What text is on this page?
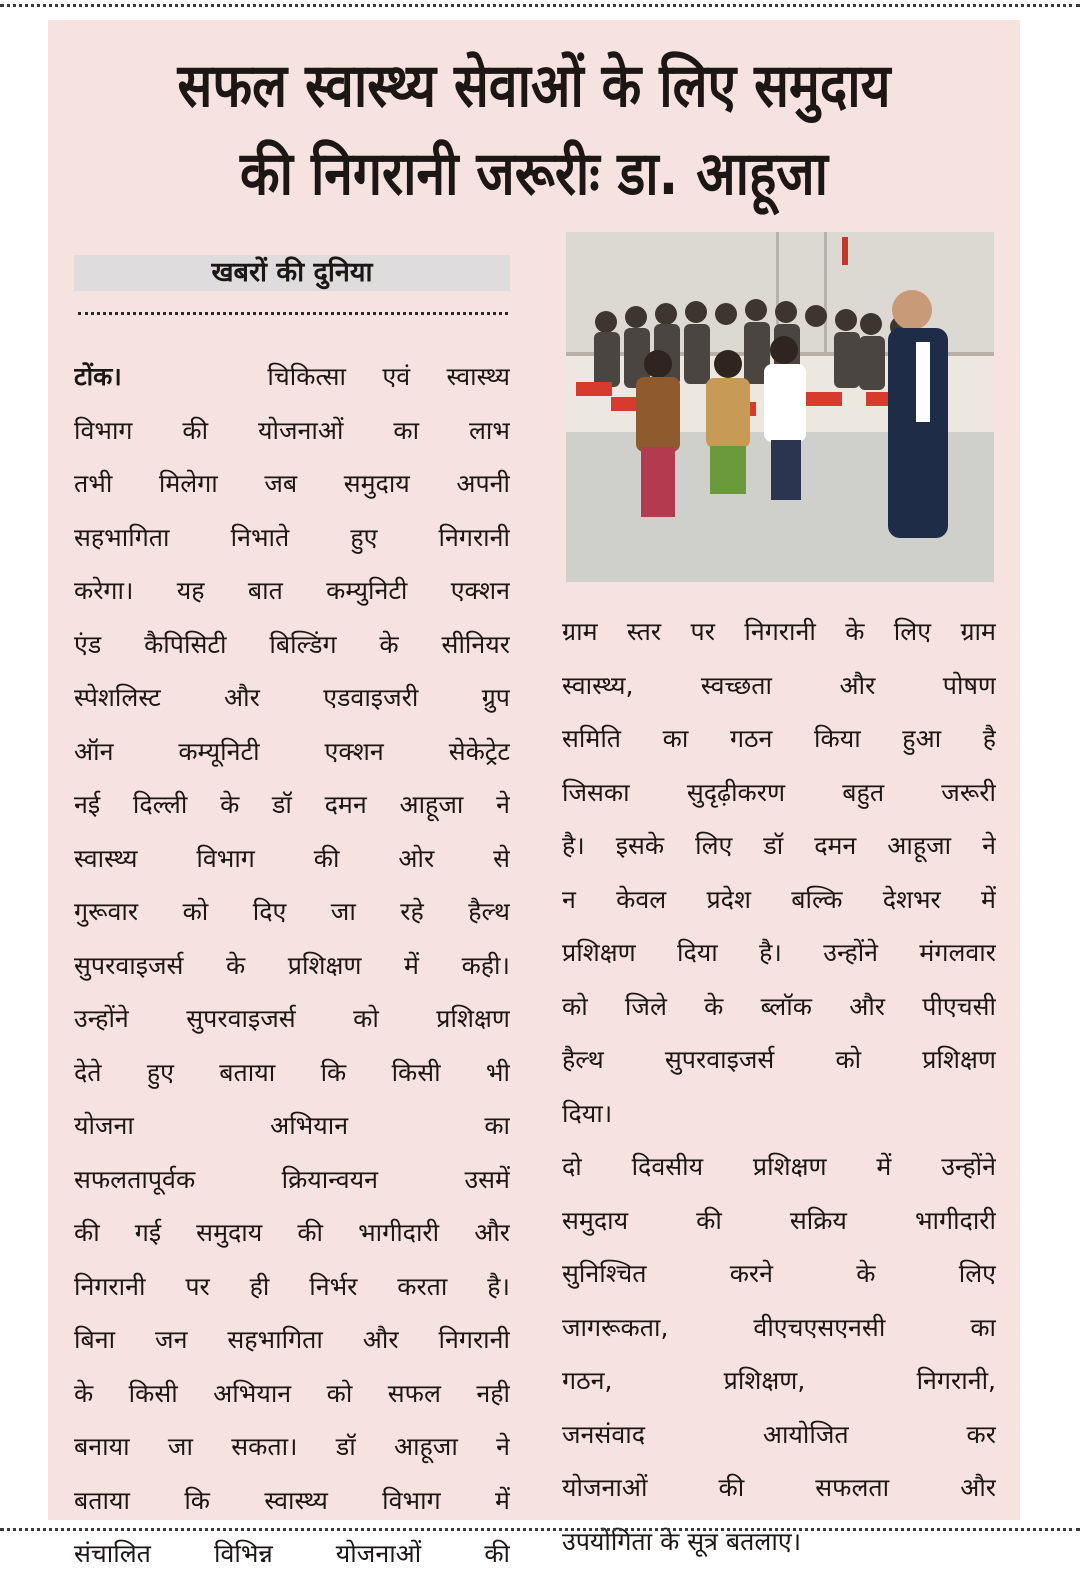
सफल स्वास्थ्य सेवाओं के लिए समुदाय
की निगरानी जरूरीः डा. आहूजा
खबरों की दुनिया
टोंक।	चिकित्सा एवं स्वास्थ्य
विभाग की योजनाओं का लाभ
तभी मिलेगा जब समुदाय अपनी
सहभागिता निभाते हुए निगरानी
करेगा। यह बात कम्युनिटी एक्शन
एंड कैपिसिटी बिल्डिंग के सीनियर
स्पेशलिस्ट और एडवाइजरी ग्रुप
ऑन कम्यूनिटी एक्शन सेकेट्रेट
नई दिल्ली के डॉ दमन आहूजा ने
स्वास्थ्य विभाग की ओर से
गुरूवार को दिए जा रहे हैल्थ
सुपरवाइजर्स के प्रशिक्षण में कही।
उन्होंने सुपरवाइजर्स को प्रशिक्षण
देते हुए बताया कि किसी भी
योजना अभियान का
सफलतापूर्वक क्रियान्वयन उसमें
की गई समुदाय की भागीदारी और
निगरानी पर ही निर्भर करता है।
बिना जन सहभागिता और निगरानी
के किसी अभियान को सफल नही
बनाया जा सकता। डॉ आहूजा ने
बताया कि स्वास्थ्य विभाग में
संचालित विभिन्न योजनाओं की
ग्राम स्तर पर निगरानी के लिए ग्राम
स्वास्थ्य, स्वच्छता और पोषण
समिति का गठन किया हुआ है
जिसका सुदृढ़ीकरण बहुत जरूरी
है। इसके लिए डॉ दमन आहूजा ने
न केवल प्रदेश बल्कि देशभर में
प्रशिक्षण दिया है। उन्होंने मंगलवार
को जिले के ब्लॉक और पीएचसी
हैल्थ सुपरवाइजर्स को प्रशिक्षण
दिया।
दो दिवसीय प्रशिक्षण में उन्होंने
समुदाय की सक्रिय भागीदारी
सुनिश्चित करने के लिए
जागरूकता, वीएचएसएनसी का
गठन, प्रशिक्षण, निगरानी,
जनसंवाद आयोजित कर
योजनाओं की सफलता और
उपयोगिता के सूत्र बतलाए।
